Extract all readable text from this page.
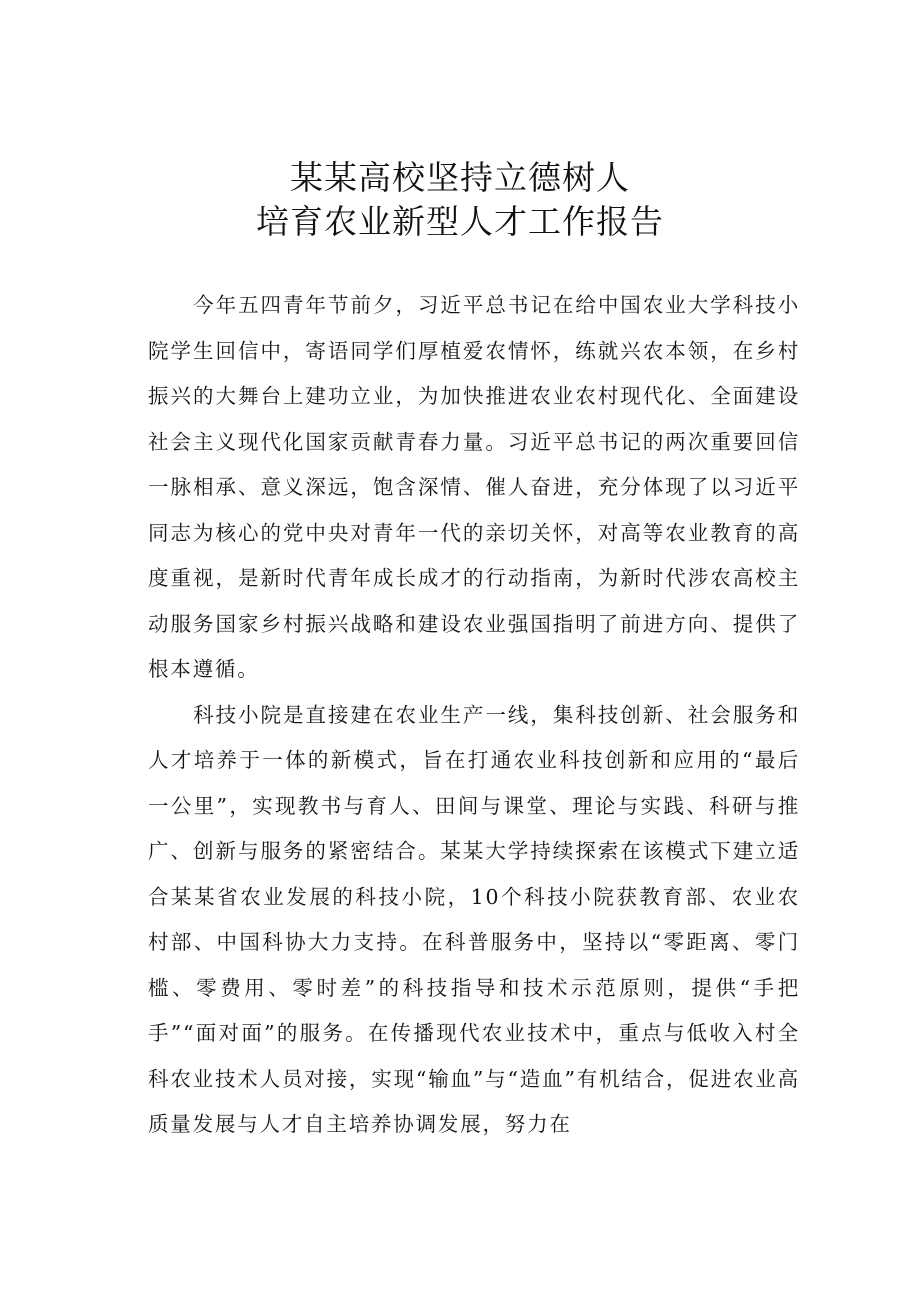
某某高校坚持立德树人
培育农业新型人才工作报告

今年五四青年节前夕，习近平总书记在给中国农业大学科技小院学生回信中，寄语同学们厚植爱农情怀，练就兴农本领，在乡村振兴的大舞台上建功立业，为加快推进农业农村现代化、全面建设社会主义现代化国家贡献青春力量。习近平总书记的两次重要回信一脉相承、意义深远，饱含深情、催人奋进，充分体现了以习近平同志为核心的党中央对青年一代的亲切关怀，对高等农业教育的高度重视，是新时代青年成长成才的行动指南，为新时代涉农高校主动服务国家乡村振兴战略和建设农业强国指明了前进方向、提供了根本遵循。

科技小院是直接建在农业生产一线，集科技创新、社会服务和人才培养于一体的新模式，旨在打通农业科技创新和应用的“最后一公里”，实现教书与育人、田间与课堂、理论与实践、科研与推广、创新与服务的紧密结合。某某大学持续探索在该模式下建立适合某某省农业发展的科技小院，10个科技小院获教育部、农业农村部、中国科协大力支持。在科普服务中，坚持以“零距离、零门槛、零费用、零时差”的科技指导和技术示范原则，提供“手把手”“面对面”的服务。在传播现代农业技术中，重点与低收入村全科农业技术人员对接，实现“输血”与“造血”有机结合，促进农业高质量发展与人才自主培养协调发展，努力在
